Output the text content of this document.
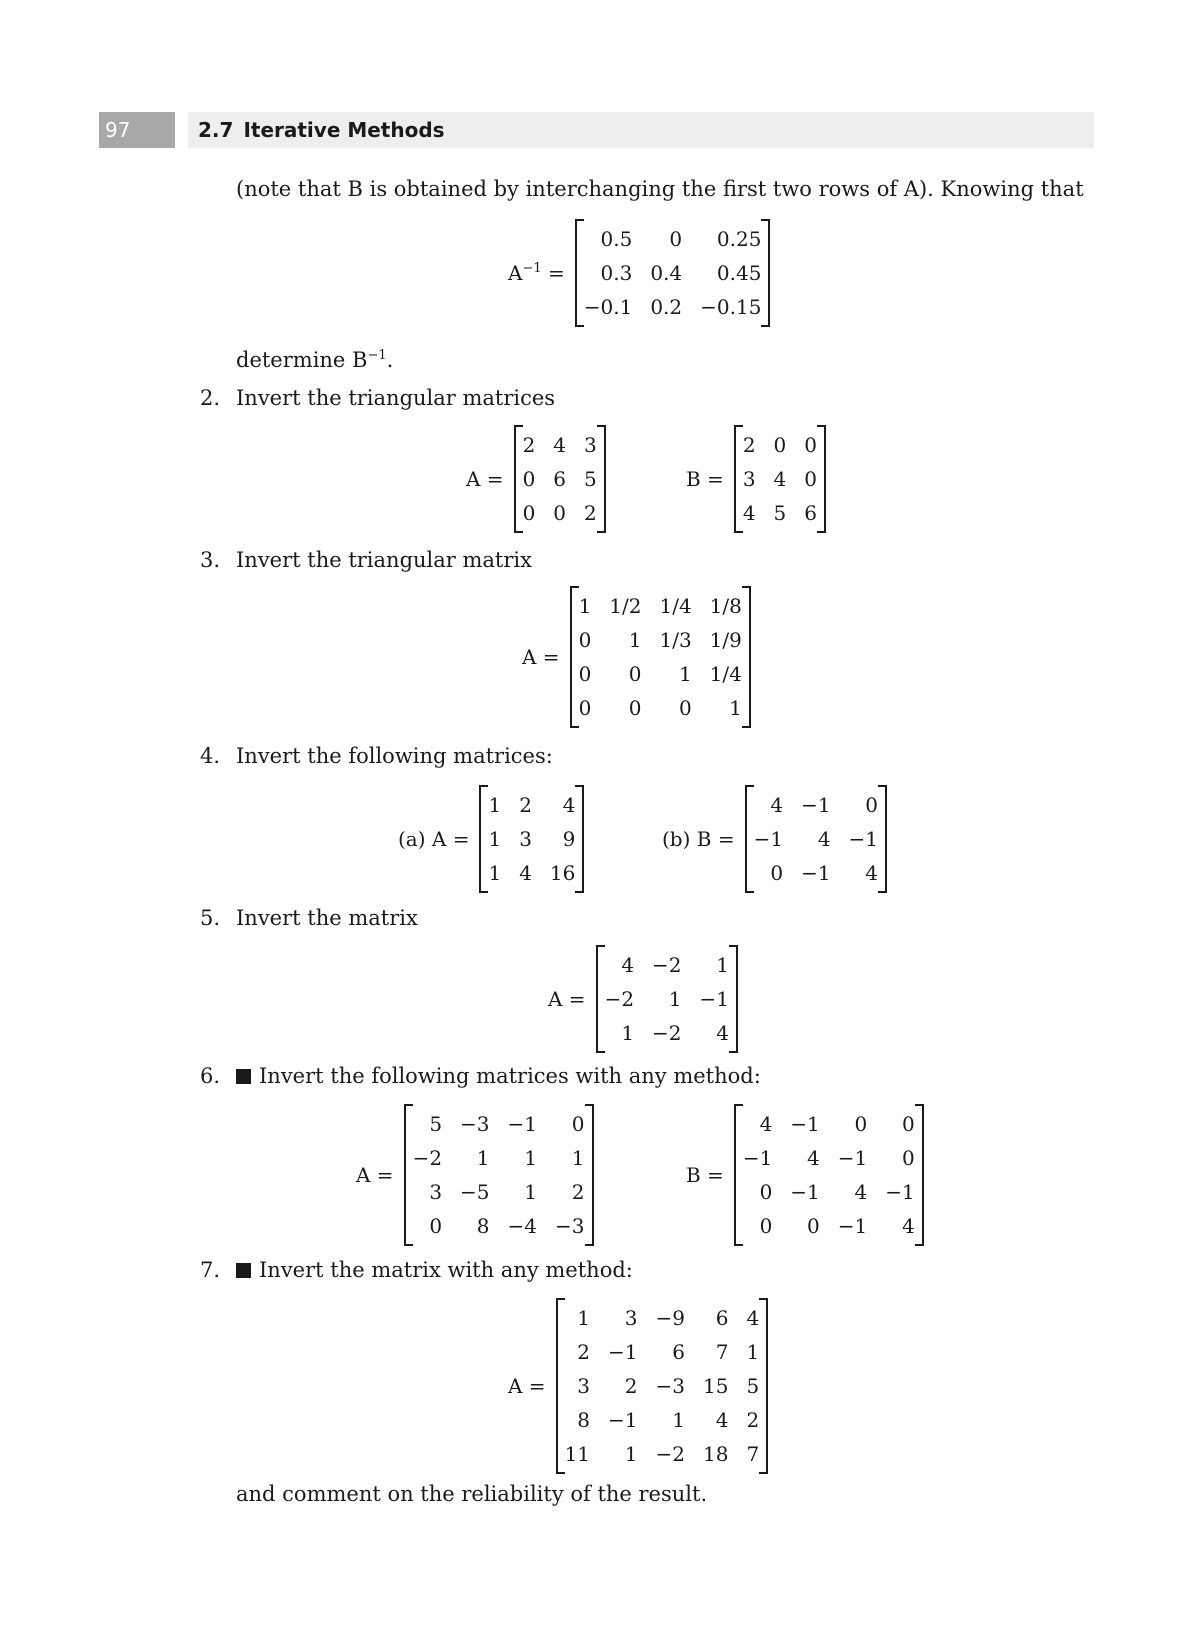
97	2.7 Iterative Methods
(note that B is obtained by interchanging the first two rows of A). Knowing that
$A^{-1}$ =
0.5	0	0.25
0.3 0.4	0.45
−0.1 0.2 −0.15
determine $B^{-1}$.
2. Invert the triangular matrices
A =
2 4 3
0 6 5
0 0 2
B =
2 0 0
3 4 0
4 5 6
3. Invert the triangular matrix
A =
1 1/2 1/4 1/8
0	1 1/3 1/9
0	0	1 1/4
0	0	0	1
4. Invert the following matrices:
(a) A =
1 2	4
1 3	9
1 4 16
(b) B =
4 −1	0
−1	4 −1
0 −1	4
5. Invert the matrix
A =
4 −2	1
−2	1 −1
1 −2	4
6.	Invert the following matrices with any method:
A =
5 −3 −1	0
−2	1	1	1
3 −5	1	2
0	8 −4 −3
B =
4 −1	0	0
−1	4 −1	0
0 −1	4 −1
0	0 −1	4
7.	Invert the matrix with any method:
A =
1	3 −9	6 4
2 −1	6	7 1
3	2 −3 15 5
8 −1	1	4 2
11	1 −2 18 7
and comment on the reliability of the result.
